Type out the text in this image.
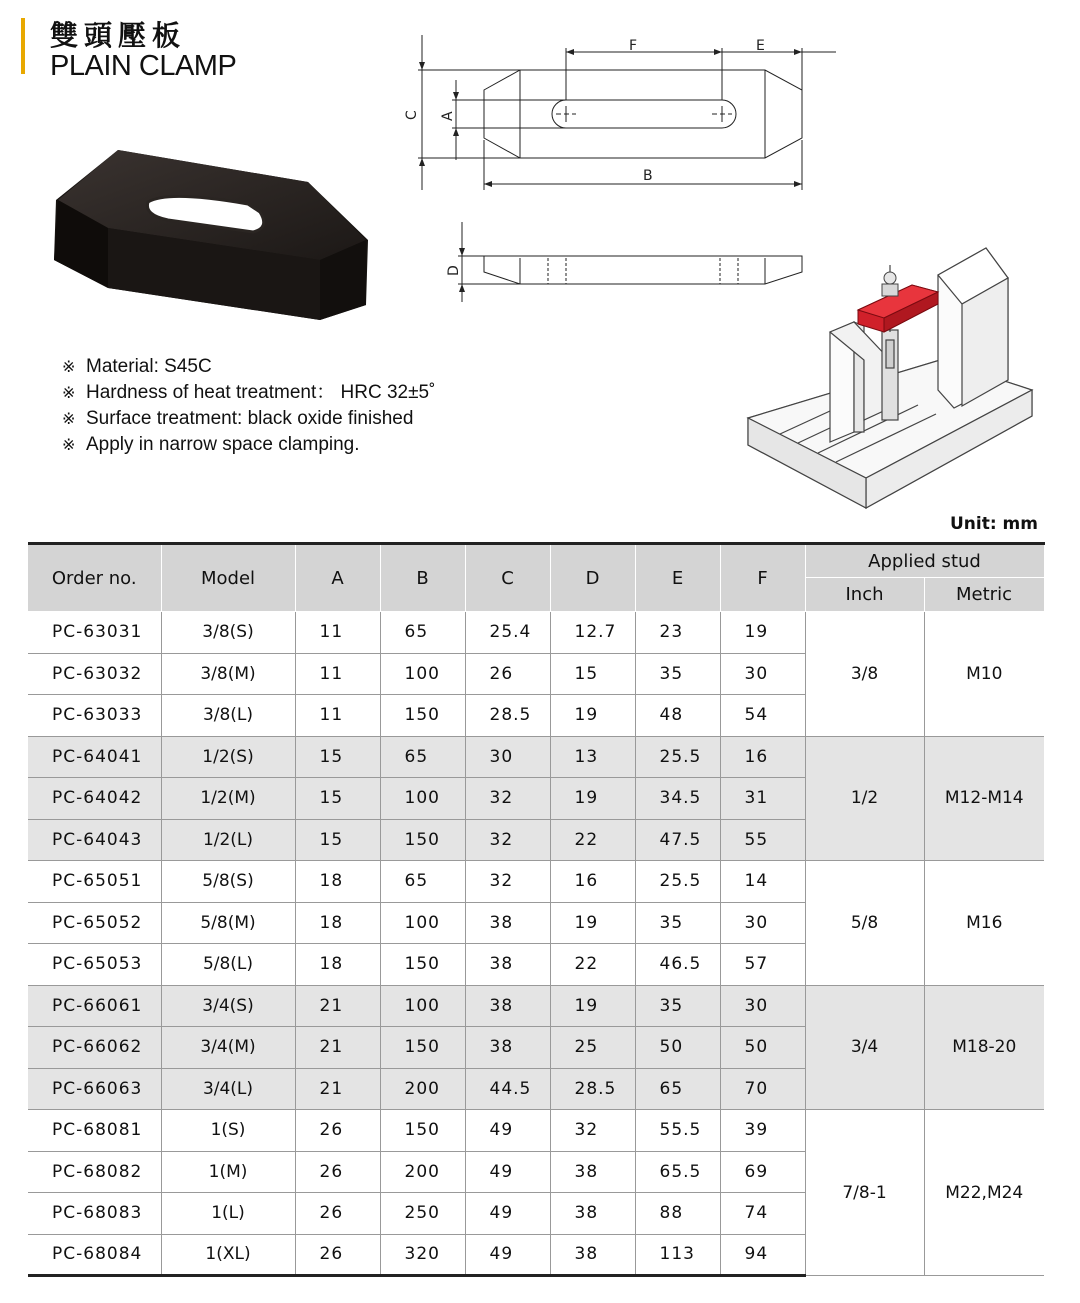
雙頭壓板
PLAIN CLAMP
F	E
B
C A
D
※ Material: S45C
※ Hardness of heat treatment： HRC 32±5˚
※ Surface treatment: black oxide finished
※ Apply in narrow space clamping.
Unit: mm
Order no.	Model	A	B	C	D	E	F	Applied stud	
								Inch	Metric
PC-63031	3/8(S)	11	65	25.4	12.7	23	19	3/8	M10
PC-63032	3/8(M)	11	100	26	15	35	30		
PC-63033	3/8(L)	11	150	28.5	19	48	54		
PC-64041	1/2(S)	15	65	30	13	25.5	16	1/2	M12-M14
PC-64042	1/2(M)	15	100	32	19	34.5	31		
PC-64043	1/2(L)	15	150	32	22	47.5	55		
PC-65051	5/8(S)	18	65	32	16	25.5	14	5/8	M16
PC-65052	5/8(M)	18	100	38	19	35	30		
PC-65053	5/8(L)	18	150	38	22	46.5	57		
PC-66061	3/4(S)	21	100	38	19	35	30	3/4	M18-20
PC-66062	3/4(M)	21	150	38	25	50	50		
PC-66063	3/4(L)	21	200	44.5	28.5	65	70		
PC-68081	1(S)	26	150	49	32	55.5	39	7/8-1	M22,M24
PC-68082	1(M)	26	200	49	38	65.5	69		
PC-68083	1(L)	26	250	49	38	88	74		
PC-68084	1(XL)	26	320	49	38	113	94		
